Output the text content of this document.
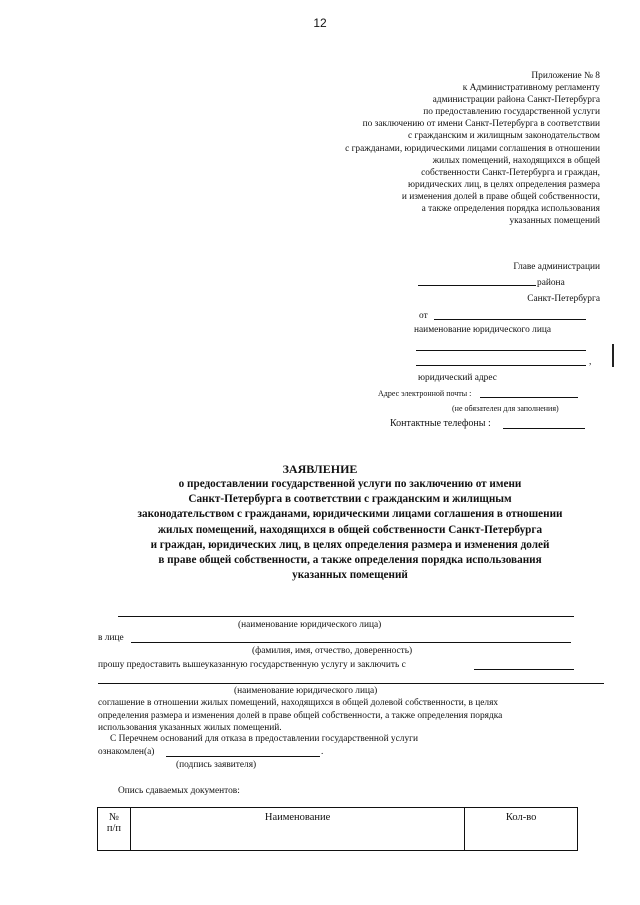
12
Приложение № 8
к Административному регламенту
администрации района Санкт-Петербурга
по предоставлению государственной услуги
по заключению от имени Санкт-Петербурга в соответствии
с гражданским и жилищным законодательством
с гражданами, юридическими лицами соглашения в отношении
жилых помещений, находящихся в общей
собственности Санкт-Петербурга и граждан,
юридических лиц, в целях определения размера
и изменения долей в праве общей собственности,
а также определения порядка использования
указанных помещений
Главе администрации
района
Санкт-Петербурга
от
наименование юридического лица
,
юридический адрес
Адрес электронной почты :
(не обязателен для заполнения)
Контактные телефоны :
ЗАЯВЛЕНИЕ
о предоставлении государственной услуги по заключению от имени
Санкт-Петербурга в соответствии с гражданским и жилищным
законодательством с гражданами, юридическими лицами соглашения в отношении
жилых помещений, находящихся в общей собственности Санкт-Петербурга
и граждан, юридических лиц, в целях определения размера и изменения долей
в праве общей собственности, а также определения порядка использования
указанных помещений
(наименование юридического лица)
в лице
(фамилия, имя, отчество, доверенность)
прошу предоставить вышеуказанную государственную услугу и заключить с
(наименование юридического лица)
соглашение в отношении жилых помещений, находящихся в общей долевой собственности, в целях
определения размера и изменения долей в праве общей собственности, а также определения порядка
использования указанных жилых помещений.
С Перечнем оснований для отказа в предоставлении государственной услуги
ознакомлен(а)	.
(подпись заявителя)
Опись сдаваемых документов:
№
п/п	Наименование	Кол-во
